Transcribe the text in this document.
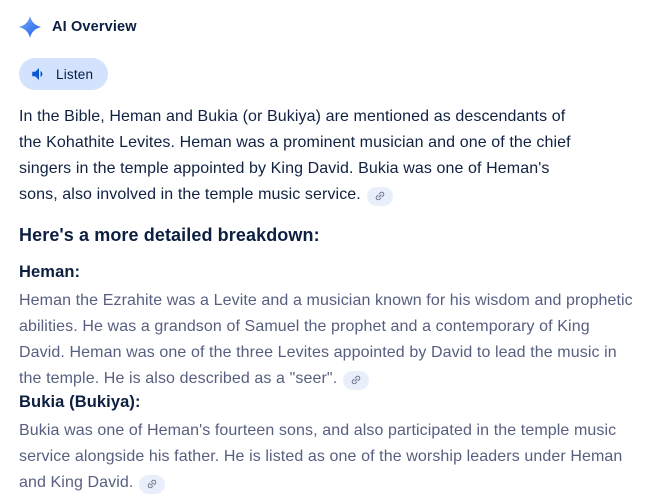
AI Overview
Listen
In the Bible, Heman and Bukia (or Bukiya) are mentioned as descendants of
the Kohathite Levites. Heman was a prominent musician and one of the chief
singers in the temple appointed by King David. Bukia was one of Heman's
sons, also involved in the temple music service.
Here's a more detailed breakdown:
Heman:
Heman the Ezrahite was a Levite and a musician known for his wisdom and prophetic
abilities. He was a grandson of Samuel the prophet and a contemporary of King
David. Heman was one of the three Levites appointed by David to lead the music in
the temple. He is also described as a "seer".
Bukia (Bukiya):
Bukia was one of Heman's fourteen sons, and also participated in the temple music
service alongside his father. He is listed as one of the worship leaders under Heman
and King David.
